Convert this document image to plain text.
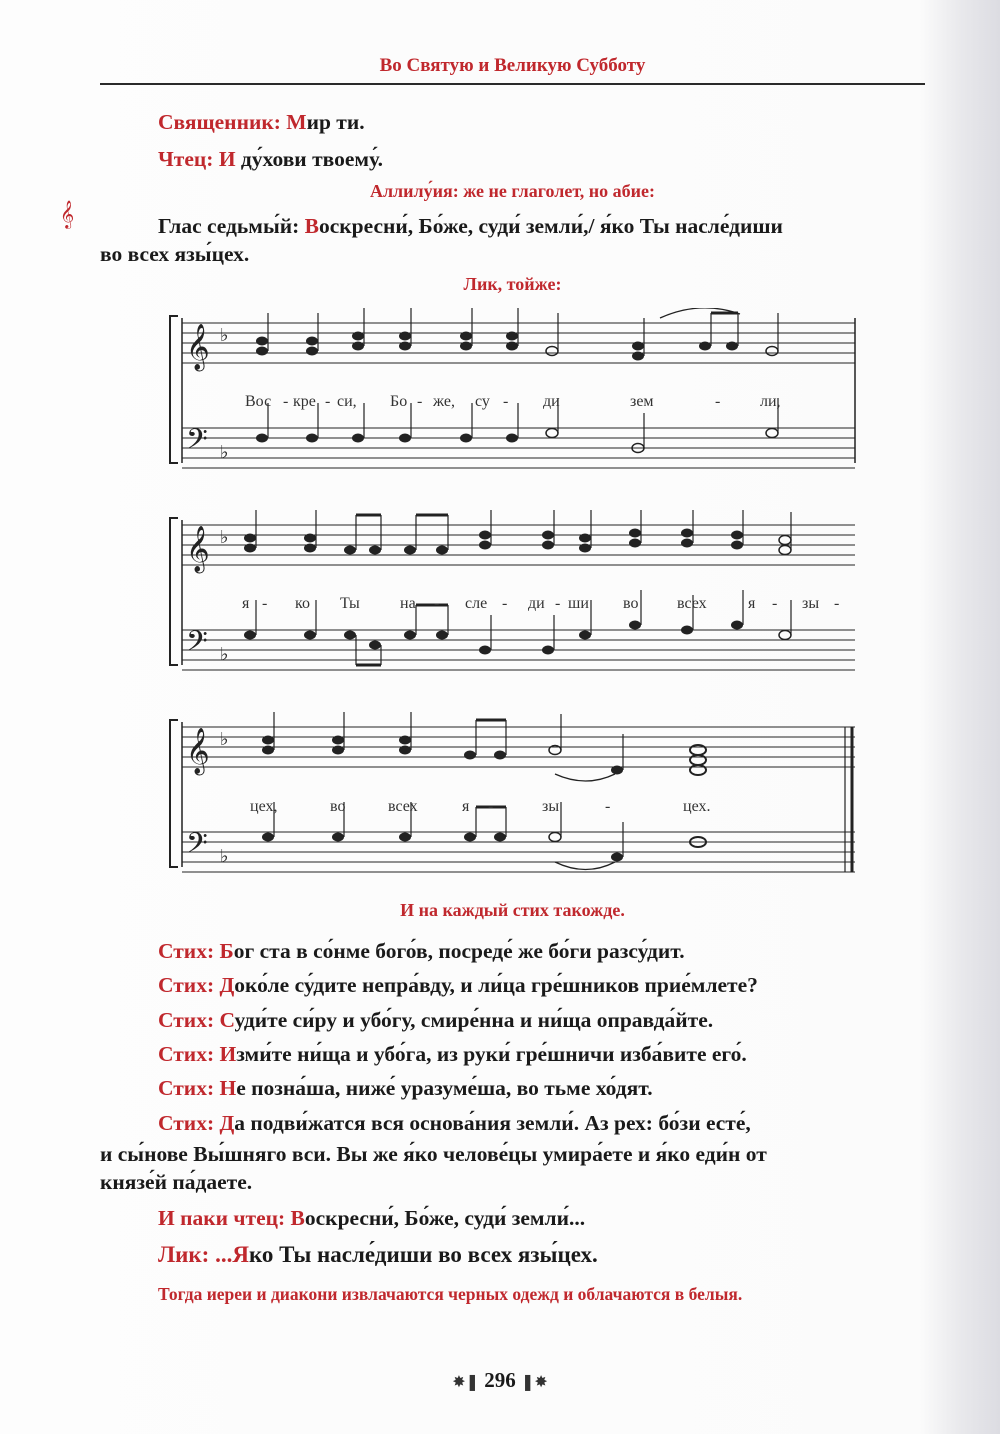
Во Святую и Великую Субботу
Священник: Мир ти.
Чтец: И ду́хови твоему́.
Аллилу́ия: же не глаголет, но абие:
𝄞	Глас седьмы́й: Воскресни́, Бо́же, суди́ земли́,/ я́ко Ты насле́диши
во всех язы́цех.
Лик, тойже:
𝄞 ♭
𝄢 ♭
Вос - кре - си, Бо - же, су - ди	зем	- ли,
𝄞 ♭
𝄢 ♭
я - ко Ты	на - сле - ди - ши во всех	я - зы -
𝄞 ♭
𝄢 ♭
цех,	во	всех	я -	зы	-	цех.
И на каждый стих такожде.
Стих: Бог ста в со́нме бого́в, посреде́ же бо́ги разсу́дит.
Стих: Доко́ле су́дите непра́вду, и ли́ца гре́шников прие́млете?
Стих: Суди́те си́ру и убо́гу, смире́нна и ни́ща оправда́йте.
Стих: Изми́те ни́ща и убо́га, из руки́ гре́шничи изба́вите его́.
Стих: Не позна́ша, ниже́ уразуме́ша, во тьме хо́дят.
Стих: Да подви́жатся вся основа́ния земли́. Аз рех: бо́зи есте́,
и сы́нове Вы́шняго вси. Вы же я́ко челове́цы умира́ете и я́ко еди́н от
князе́й па́даете.
И паки чтец: Воскресни́, Бо́же, суди́ земли́...
Лик: ...Яко Ты насле́диши во всех язы́цех.
Тогда иереи и диакони извлачаются черных одежд и облачаются в белыя.
✸❚ 296 ❚✸
